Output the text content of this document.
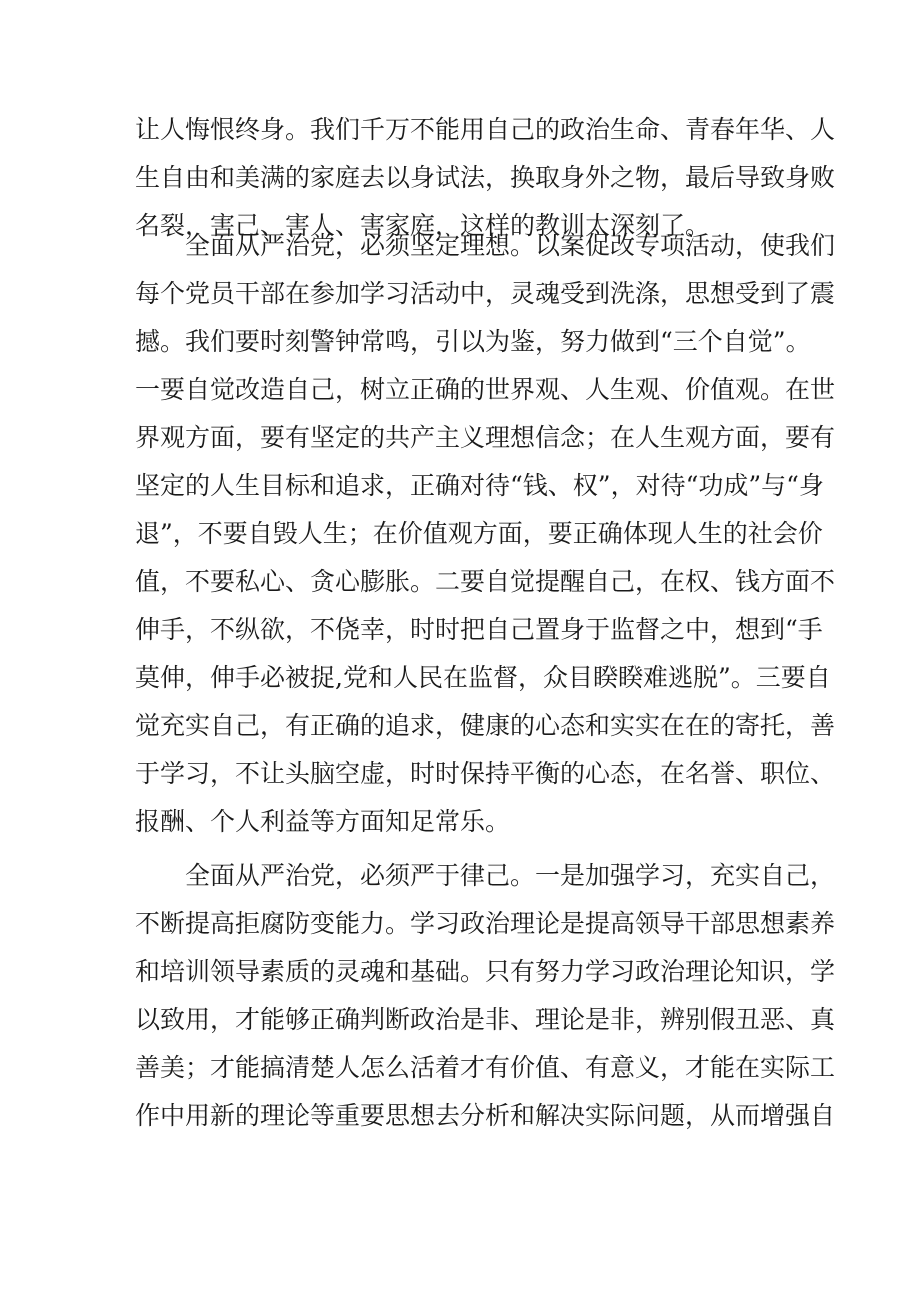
让人悔恨终身。我们千万不能用自己的政治生命、青春年华、人
生自由和美满的家庭去以身试法，换取身外之物，最后导致身败
名裂，害己、害人、害家庭，这样的教训太深刻了。
全面从严治党，必须坚定理想。以案促改专项活动，使我们
每个党员干部在参加学习活动中，灵魂受到洗涤，思想受到了震
撼。我们要时刻警钟常鸣，引以为鉴，努力做到“三个自觉”。
一要自觉改造自己，树立正确的世界观、人生观、价值观。在世
界观方面，要有坚定的共产主义理想信念；在人生观方面，要有
坚定的人生目标和追求，正确对待“钱、权”，对待“功成”与“身
退”，不要自毁人生；在价值观方面，要正确体现人生的社会价
值，不要私心、贪心膨胀。二要自觉提醒自己，在权、钱方面不
伸手，不纵欲，不侥幸，时时把自己置身于监督之中，想到“手
莫伸，伸手必被捉,党和人民在监督，众目睽睽难逃脱”。三要自
觉充实自己，有正确的追求，健康的心态和实实在在的寄托，善
于学习，不让头脑空虚，时时保持平衡的心态，在名誉、职位、
报酬、个人利益等方面知足常乐。
全面从严治党，必须严于律己。一是加强学习，充实自己，
不断提高拒腐防变能力。学习政治理论是提高领导干部思想素养
和培训领导素质的灵魂和基础。只有努力学习政治理论知识，学
以致用，才能够正确判断政治是非、理论是非，辨别假丑恶、真
善美；才能搞清楚人怎么活着才有价值、有意义，才能在实际工
作中用新的理论等重要思想去分析和解决实际问题，从而增强自
